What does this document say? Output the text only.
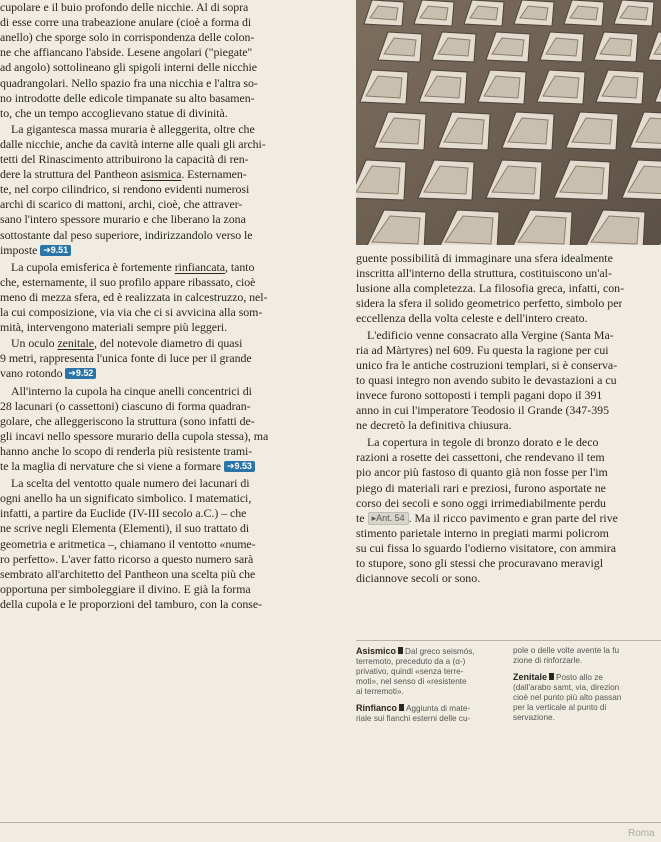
cupolare e il buio profondo delle nicchie. Al di sopra
di esse corre una trabeazione anulare (cioè a forma di
anello) che sporge solo in corrispondenza delle colon-
ne che affiancano l'abside. Lesene angolari ("piegate"
ad angolo) sottolineano gli spigoli interni delle nicchie
quadrangolari. Nello spazio fra una nicchia e l'altra so-
no introdotte delle edicole timpanate su alto basamen-
to, che un tempo accoglievano statue di divinità.
La gigantesca massa muraria è alleggerita, oltre che
dalle nicchie, anche da cavità interne alle quali gli archi-
tetti del Rinascimento attribuirono la capacità di ren-
dere la struttura del Pantheon asismica. Esternamen-
te, nel corpo cilindrico, si rendono evidenti numerosi
archi di scarico di mattoni, archi, cioè, che attraver-
sano l'intero spessore murario e che liberano la zona
sottostante dal peso superiore, indirizzandolo verso le
imposte ➔9.51
La cupola emisferica è fortemente rinfiancata, tanto
che, esternamente, il suo profilo appare ribassato, cioè
meno di mezza sfera, ed è realizzata in calcestruzzo, nel-
la cui composizione, via via che ci si avvicina alla som-
mità, intervengono materiali sempre più leggeri.
Un oculo zenitale, del notevole diametro di quasi
9 metri, rappresenta l'unica fonte di luce per il grande
vano rotondo ➔9.52
All'interno la cupola ha cinque anelli concentrici di
28 lacunari (o cassettoni) ciascuno di forma quadran-
golare, che alleggeriscono la struttura (sono infatti de-
gli incavi nello spessore murario della cupola stessa), ma
hanno anche lo scopo di renderla più resistente trami-
te la maglia di nervature che si viene a formare ➔9.53
La scelta del ventotto quale numero dei lacunari di
ogni anello ha un significato simbolico. I matematici,
infatti, a partire da Euclide (IV-III secolo a.C.) – che
ne scrive negli Elementa (Elementi), il suo trattato di
geometria e aritmetica –, chiamano il ventotto «nume-
ro perfetto». L'aver fatto ricorso a questo numero sarà
sembrato all'architetto del Pantheon una scelta più che
opportuna per simboleggiare il divino. E già la forma
della cupola e le proporzioni del tamburo, con la conse-
guente possibilità di immaginare una sfera idealmente
inscritta all'interno della struttura, costituiscono un'al-
lusione alla completezza. La filosofia greca, infatti, con-
sidera la sfera il solido geometrico perfetto, simbolo per
eccellenza della volta celeste e dell'intero creato.
L'edificio venne consacrato alla Vergine (Santa Ma-
ria ad Màrtyres) nel 609. Fu questa la ragione per cui
unico fra le antiche costruzioni templari, si è conserva-
to quasi integro non avendo subito le devastazioni a cu
invece furono sottoposti i templi pagani dopo il 391
anno in cui l'imperatore Teodosio il Grande (347-395
ne decretò la definitiva chiusura.
La copertura in tegole di bronzo dorato e le deco
razioni a rosette dei cassettoni, che rendevano il tem
pio ancor più fastoso di quanto già non fosse per l'im
piego di materiali rari e preziosi, furono asportate ne
corso dei secoli e sono oggi irrimediabilmente perdu
te ▸Ant. 54 . Ma il ricco pavimento e gran parte del rive
stimento parietale interno in pregiati marmi policrom
su cui fissa lo sguardo l'odierno visitatore, con ammira
to stupore, sono gli stessi che procuravano meravigl
diciannove secoli or sono.
Asismico Dal greco seismós,
terremoto, preceduto da a (α-)
privativo, quindi «senza terre-
moti», nel senso di «resistente
ai terremoti».
Rinfianco Aggiunta di mate-
riale sui fianchi esterni delle cu-
pole o delle volte avente la fu
zione di rinforzarle.
Zenitale Posto allo ze
(dall'arabo samt, via, direzion
cioè nel punto più alto passan
per la verticale al punto di
servazione.
Roma
